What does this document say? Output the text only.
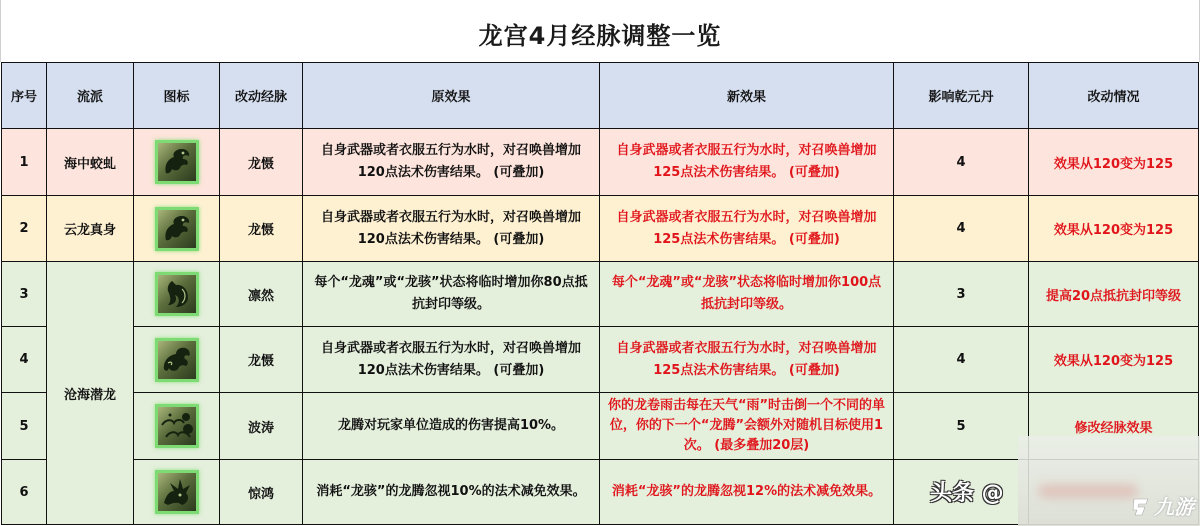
龙宫4月经脉调整一览
序号	流派	图标	改动经脉	原效果	新效果	影响乾元丹	改动情况
1	海中蛟虬		龙慑	自身武器或者衣服五行为水时，对召唤兽增加120点法术伤害结果。 (可叠加)	自身武器或者衣服五行为水时，对召唤兽增加125点法术伤害结果。 (可叠加)	4	效果从120变为125
2	云龙真身		龙慑	自身武器或者衣服五行为水时，对召唤兽增加120点法术伤害结果。 (可叠加)	自身武器或者衣服五行为水时，对召唤兽增加125点法术伤害结果。 (可叠加)	4	效果从120变为125
3	沧海潜龙		凛然	每个“龙魂”或“龙骇”状态将临时增加你80点抵抗封印等级。	每个“龙魂”或“龙骇”状态将临时增加你100点抵抗封印等级。	3	提高20点抵抗封印等级
4			龙慑	自身武器或者衣服五行为水时，对召唤兽增加120点法术伤害结果。 (可叠加)	自身武器或者衣服五行为水时，对召唤兽增加125点法术伤害结果。 (可叠加)	4	效果从120变为125
5			波涛	龙腾对玩家单位造成的伤害提高10%。	你的龙卷雨击每在天气“雨”时击倒一个不同的单位，你的下一个“龙腾”会额外对随机目标使用1次。 (最多叠加20层)	5	修改经脉效果
6			惊鸿	消耗“龙骇”的龙腾忽视10%的法术减免效果。	消耗“龙骇”的龙腾忽视12%的法术减免效果。		头条 @
九游
